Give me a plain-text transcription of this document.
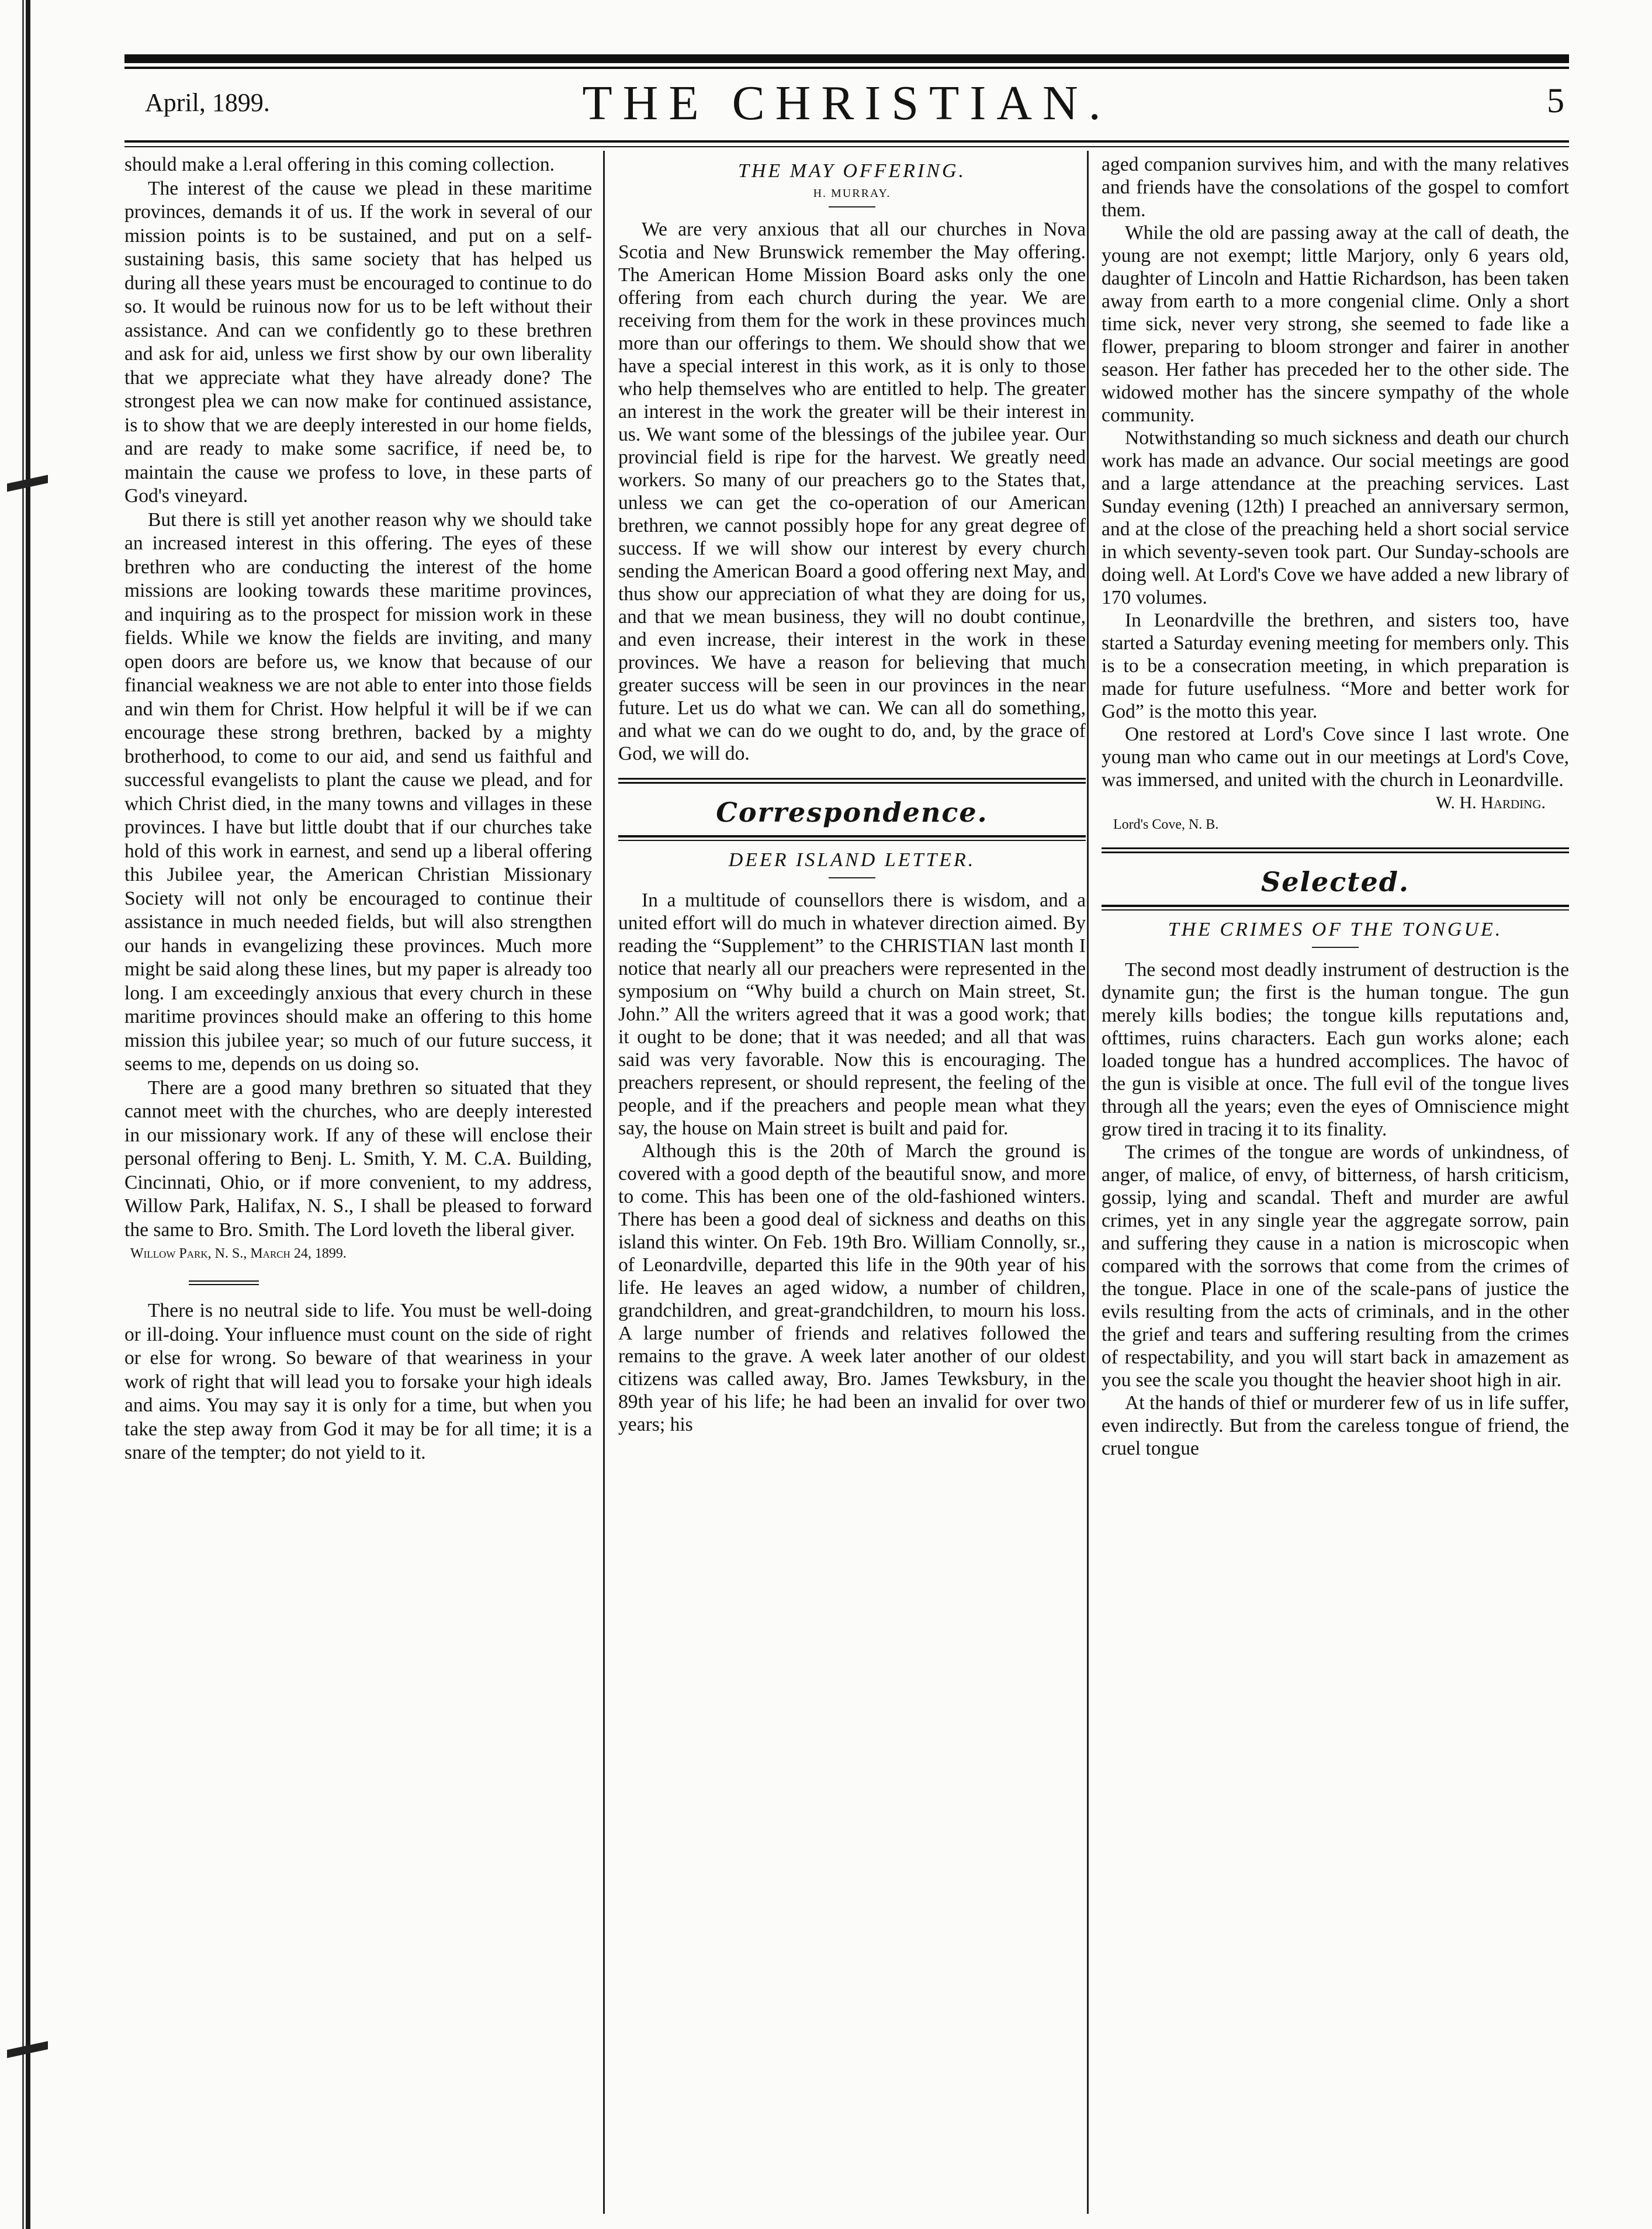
April, 1899.	THE CHRISTIAN.	5

should make a l.eral offering in this coming collection.

The interest of the cause we plead in these maritime provinces, demands it of us. If the work in several of our mission points is to be sustained, and put on a self-sustaining basis, this same society that has helped us during all these years must be encouraged to continue to do so. It would be ruinous now for us to be left without their assistance. And can we confidently go to these brethren and ask for aid, unless we first show by our own liberality that we appreciate what they have already done? The strongest plea we can now make for continued assistance, is to show that we are deeply interested in our home fields, and are ready to make some sacrifice, if need be, to maintain the cause we profess to love, in these parts of God's vineyard.

But there is still yet another reason why we should take an increased interest in this offering. The eyes of these brethren who are conducting the interest of the home missions are looking towards these maritime provinces, and inquiring as to the prospect for mission work in these fields. While we know the fields are inviting, and many open doors are before us, we know that because of our financial weakness we are not able to enter into those fields and win them for Christ. How helpful it will be if we can encourage these strong brethren, backed by a mighty brotherhood, to come to our aid, and send us faithful and successful evangelists to plant the cause we plead, and for which Christ died, in the many towns and villages in these provinces. I have but little doubt that if our churches take hold of this work in earnest, and send up a liberal offering this Jubilee year, the American Christian Missionary Society will not only be encouraged to continue their assistance in much needed fields, but will also strengthen our hands in evangelizing these provinces. Much more might be said along these lines, but my paper is already too long. I am exceedingly anxious that every church in these maritime provinces should make an offering to this home mission this jubilee year; so much of our future success, it seems to me, depends on us doing so.

There are a good many brethren so situated that they cannot meet with the churches, who are deeply interested in our missionary work. If any of these will enclose their personal offering to Benj. L. Smith, Y. M. C.A. Building, Cincinnati, Ohio, or if more convenient, to my address, Willow Park, Halifax, N. S., I shall be pleased to forward the same to Bro. Smith. The Lord loveth the liberal giver.

Willow Park, N. S., March 24, 1899.

There is no neutral side to life. You must be well-doing or ill-doing. Your influence must count on the side of right or else for wrong. So beware of that weariness in your work of right that will lead you to forsake your high ideals and aims. You may say it is only for a time, but when you take the step away from God it may be for all time; it is a snare of the tempter; do not yield to it.

THE MAY OFFERING.
H. MURRAY.

We are very anxious that all our churches in Nova Scotia and New Brunswick remember the May offering. The American Home Mission Board asks only the one offering from each church during the year. We are receiving from them for the work in these provinces much more than our offerings to them. We should show that we have a special interest in this work, as it is only to those who help themselves who are entitled to help. The greater an interest in the work the greater will be their interest in us. We want some of the blessings of the jubilee year. Our provincial field is ripe for the harvest. We greatly need workers. So many of our preachers go to the States that, unless we can get the co-operation of our American brethren, we cannot possibly hope for any great degree of success. If we will show our interest by every church sending the American Board a good offering next May, and thus show our appreciation of what they are doing for us, and that we mean business, they will no doubt continue, and even increase, their interest in the work in these provinces. We have a reason for believing that much greater success will be seen in our provinces in the near future. Let us do what we can. We can all do something, and what we can do we ought to do, and, by the grace of God, we will do.

Correspondence.
DEER ISLAND LETTER.

In a multitude of counsellors there is wisdom, and a united effort will do much in whatever direction aimed. By reading the “Supplement” to the CHRISTIAN last month I notice that nearly all our preachers were represented in the symposium on “Why build a church on Main street, St. John.” All the writers agreed that it was a good work; that it ought to be done; that it was needed; and all that was said was very favorable. Now this is encouraging. The preachers represent, or should represent, the feeling of the people, and if the preachers and people mean what they say, the house on Main street is built and paid for.

Although this is the 20th of March the ground is covered with a good depth of the beautiful snow, and more to come. This has been one of the old-fashioned winters. There has been a good deal of sickness and deaths on this island this winter. On Feb. 19th Bro. William Connolly, sr., of Leonardville, departed this life in the 90th year of his life. He leaves an aged widow, a number of children, grandchildren, and great-grandchildren, to mourn his loss. A large number of friends and relatives followed the remains to the grave. A week later another of our oldest citizens was called away, Bro. James Tewksbury, in the 89th year of his life; he had been an invalid for over two years; his

aged companion survives him, and with the many relatives and friends have the consolations of the gospel to comfort them.

While the old are passing away at the call of death, the young are not exempt; little Marjory, only 6 years old, daughter of Lincoln and Hattie Richardson, has been taken away from earth to a more congenial clime. Only a short time sick, never very strong, she seemed to fade like a flower, preparing to bloom stronger and fairer in another season. Her father has preceded her to the other side. The widowed mother has the sincere sympathy of the whole community.

Notwithstanding so much sickness and death our church work has made an advance. Our social meetings are good and a large attendance at the preaching services. Last Sunday evening (12th) I preached an anniversary sermon, and at the close of the preaching held a short social service in which seventy-seven took part. Our Sunday-schools are doing well. At Lord's Cove we have added a new library of 170 volumes.

In Leonardville the brethren, and sisters too, have started a Saturday evening meeting for members only. This is to be a consecration meeting, in which preparation is made for future usefulness. “More and better work for God” is the motto this year.

One restored at Lord's Cove since I last wrote. One young man who came out in our meetings at Lord's Cove, was immersed, and united with the church in Leonardville.

W. H. Harding.
Lord's Cove, N. B.
Selected.
THE CRIMES OF THE TONGUE.

The second most deadly instrument of destruction is the dynamite gun; the first is the human tongue. The gun merely kills bodies; the tongue kills reputations and, ofttimes, ruins characters. Each gun works alone; each loaded tongue has a hundred accomplices. The havoc of the gun is visible at once. The full evil of the tongue lives through all the years; even the eyes of Omniscience might grow tired in tracing it to its finality.

The crimes of the tongue are words of unkindness, of anger, of malice, of envy, of bitterness, of harsh criticism, gossip, lying and scandal. Theft and murder are awful crimes, yet in any single year the aggregate sorrow, pain and suffering they cause in a nation is microscopic when compared with the sorrows that come from the crimes of the tongue. Place in one of the scale-pans of justice the evils resulting from the acts of criminals, and in the other the grief and tears and suffering resulting from the crimes of respectability, and you will start back in amazement as you see the scale you thought the heavier shoot high in air.

At the hands of thief or murderer few of us in life suffer, even indirectly. But from the careless tongue of friend, the cruel tongue
